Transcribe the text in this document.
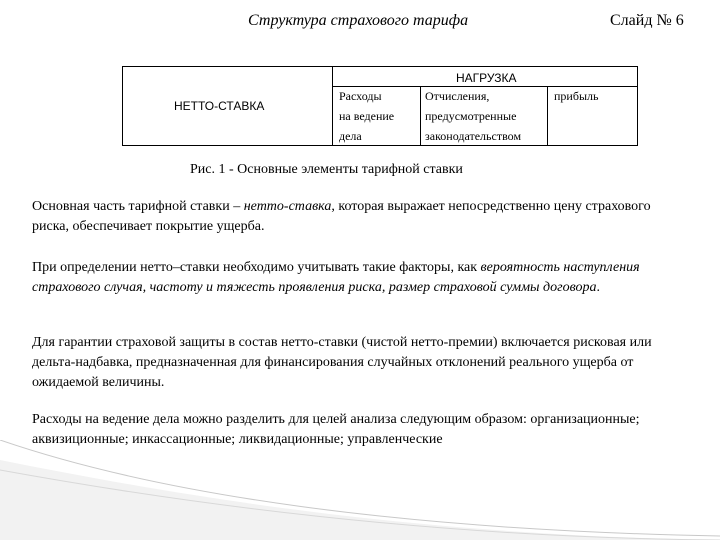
Структура страхового тарифа	Слайд № 6
НЕТТО-СТАВКА
НАГРУЗКА
Расходы
на ведение
дела
Отчисления,
предусмотренные
законодательством
прибыль
Рис. 1 - Основные элементы тарифной ставки
Основная часть тарифной ставки – нетто-ставка, которая выражает непосредственно цену страхового риска, обеспечивает покрытие ущерба.
При определении нетто–ставки необходимо учитывать такие факторы, как вероятность наступления страхового случая, частоту и тяжесть проявления риска, размер страховой суммы договора.
Для гарантии страховой защиты в состав нетто-ставки (чистой нетто-премии) включается рисковая или дельта-надбавка, предназначенная для финансирования случайных отклонений реального ущерба от ожидаемой величины.
Расходы на ведение дела можно разделить для целей анализа следующим образом: организационные; аквизиционные; инкассационные; ликвидационные; управленческие
